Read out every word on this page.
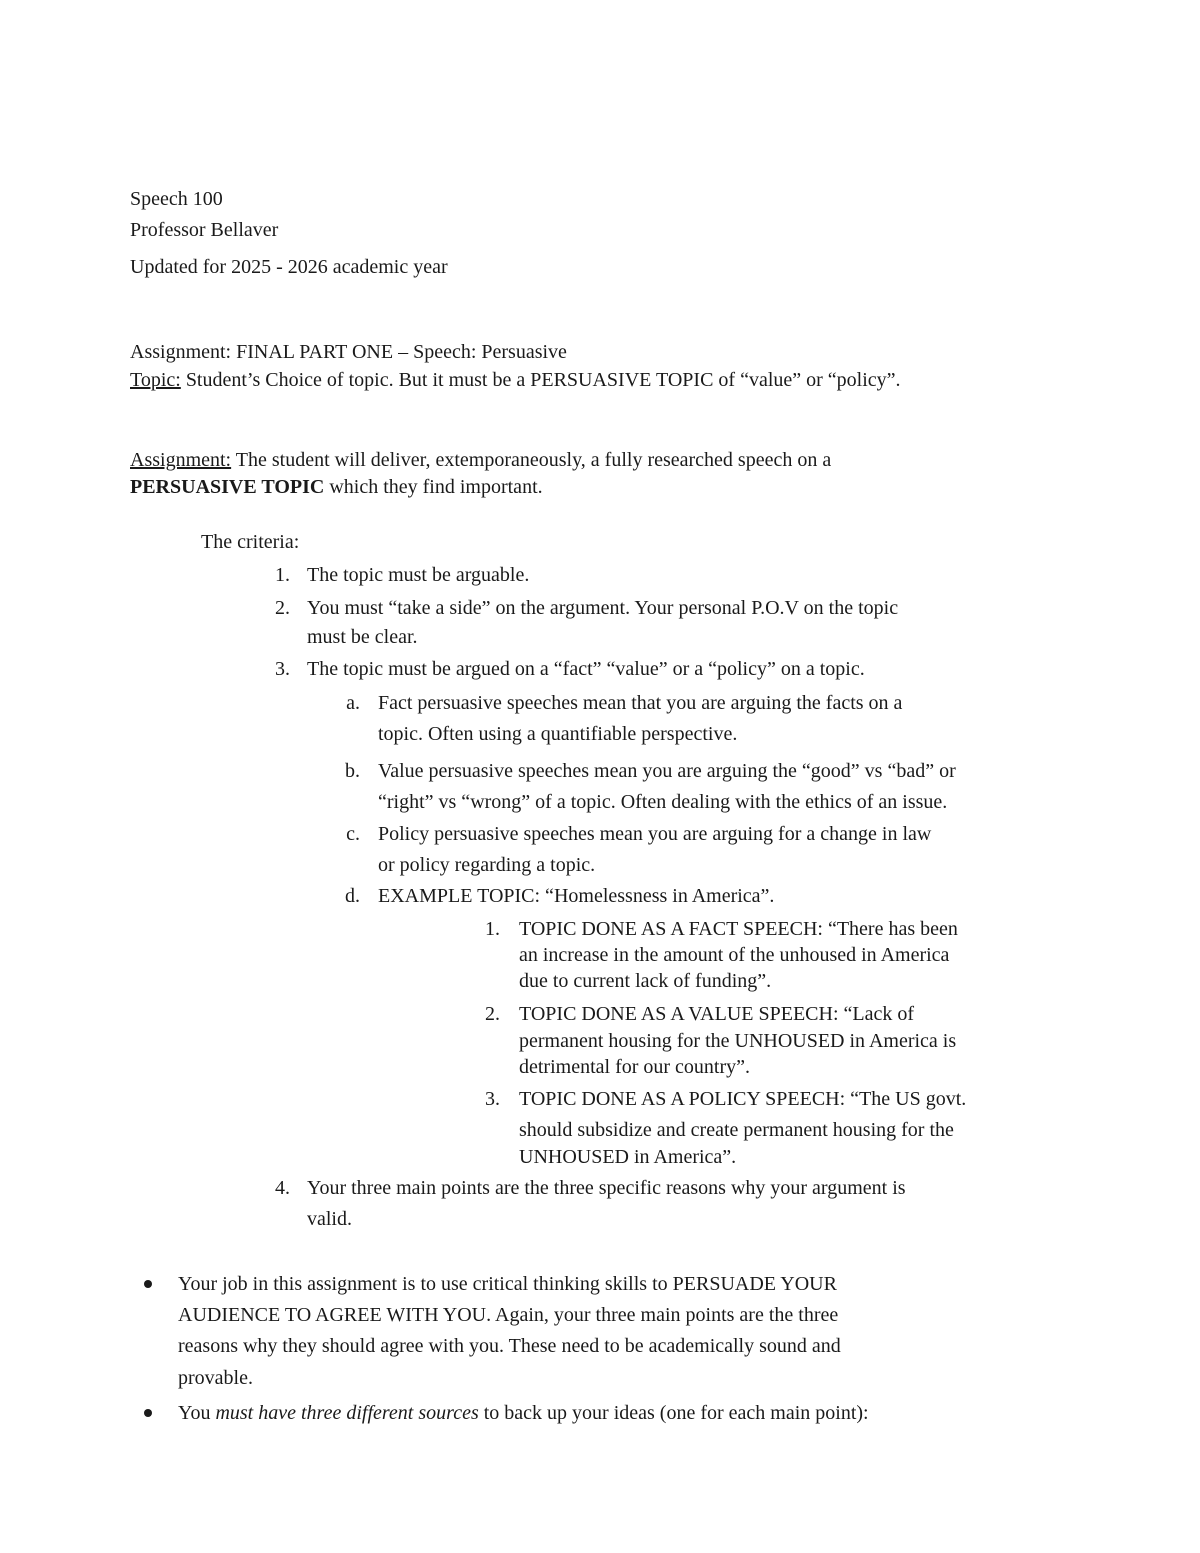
Speech 100
Professor Bellaver
Updated for 2025 - 2026 academic year
Assignment: FINAL PART ONE – Speech: Persuasive
Topic: Student’s Choice of topic. But it must be a PERSUASIVE TOPIC of “value” or “policy”.
Assignment: The student will deliver, extemporaneously, a fully researched speech on a
PERSUASIVE TOPIC which they find important.
The criteria:
1. The topic must be arguable.
2. You must “take a side” on the argument. Your personal P.O.V on the topic
must be clear.
3. The topic must be argued on a “fact” “value” or a “policy” on a topic.
a. Fact persuasive speeches mean that you are arguing the facts on a
topic. Often using a quantifiable perspective.
b. Value persuasive speeches mean you are arguing the “good” vs “bad” or
“right” vs “wrong” of a topic. Often dealing with the ethics of an issue.
c. Policy persuasive speeches mean you are arguing for a change in law
or policy regarding a topic.
d. EXAMPLE TOPIC: “Homelessness in America”.
1. TOPIC DONE AS A FACT SPEECH: “There has been
an increase in the amount of the unhoused in America
due to current lack of funding”.
2. TOPIC DONE AS A VALUE SPEECH: “Lack of
permanent housing for the UNHOUSED in America is
detrimental for our country”.
3. TOPIC DONE AS A POLICY SPEECH: “The US govt.
should subsidize and create permanent housing for the
UNHOUSED in America”.
4. Your three main points are the three specific reasons why your argument is
valid.
Your job in this assignment is to use critical thinking skills to PERSUADE YOUR
AUDIENCE TO AGREE WITH YOU. Again, your three main points are the three
reasons why they should agree with you. These need to be academically sound and
provable.
You must have three different sources to back up your ideas (one for each main point):
